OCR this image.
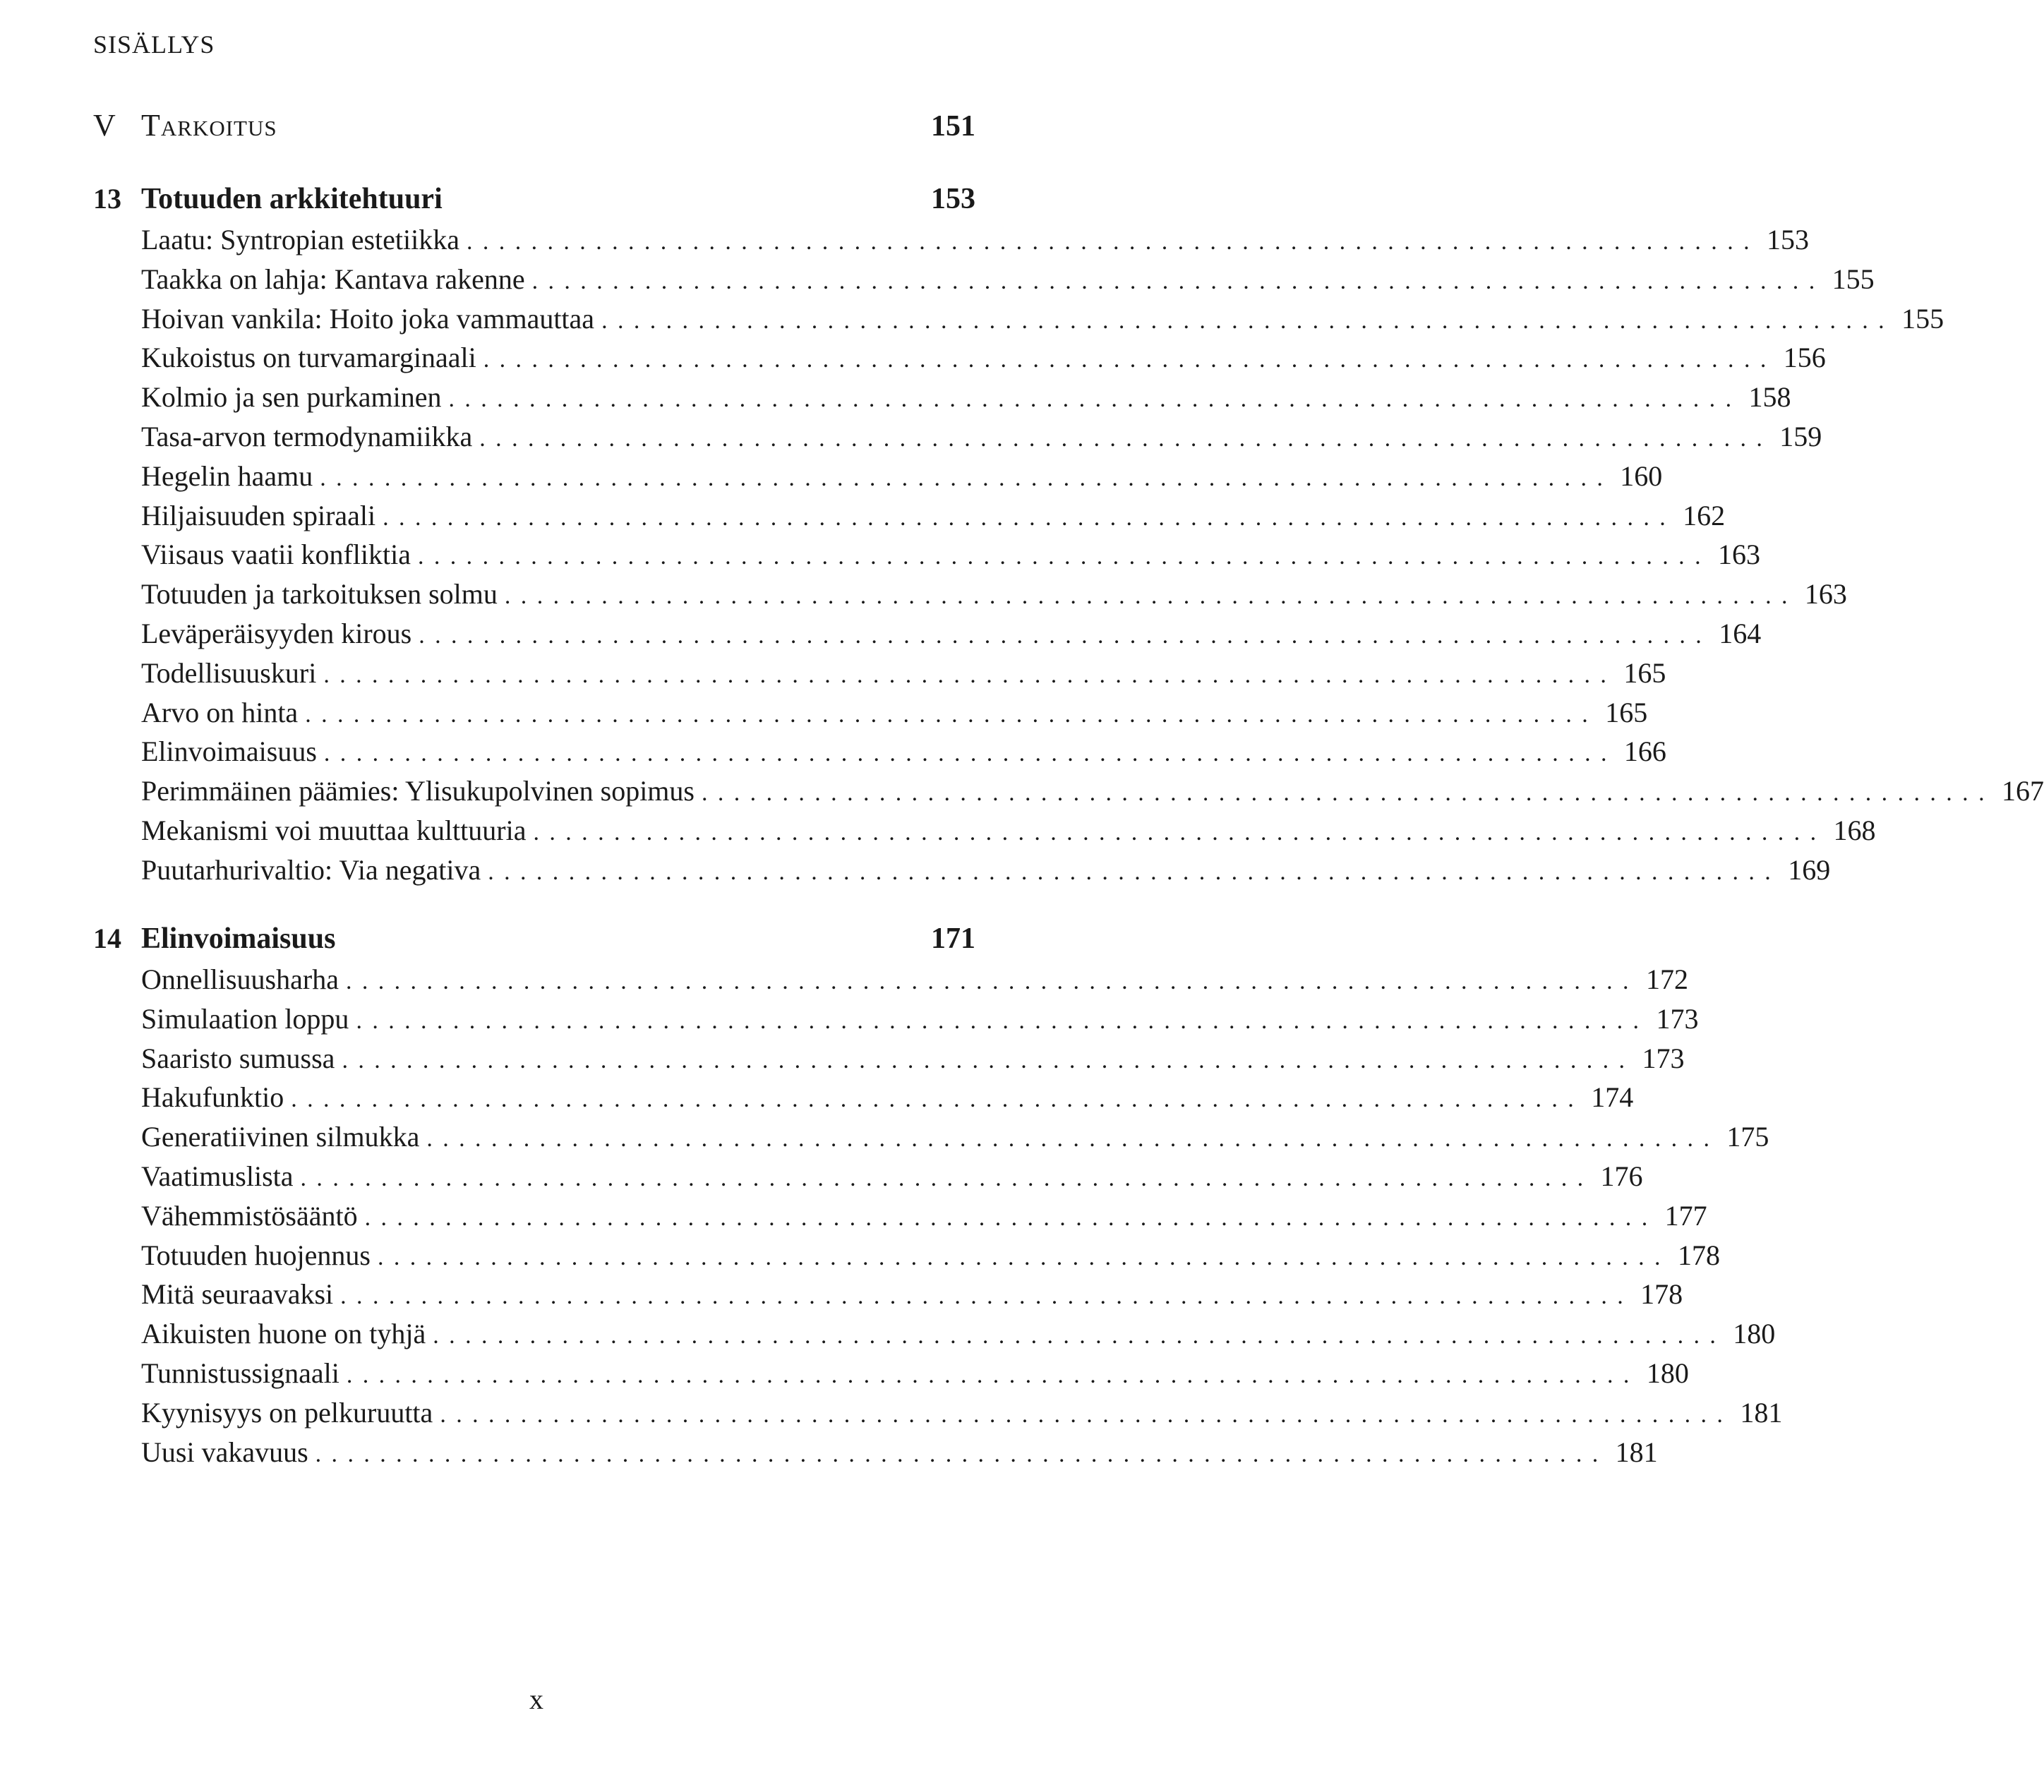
SISÄLLYS
V Tarkoitus	151
13 Totuuden arkkitehtuuri	153
Laatu: Syntropian estetiikka ................................................................................ 153
Taakka on lahja: Kantava rakenne ................................................................................ 155
Hoivan vankila: Hoito joka vammauttaa ................................................................................ 155
Kukoistus on turvamarginaali ................................................................................ 156
Kolmio ja sen purkaminen ................................................................................ 158
Tasa-arvon termodynamiikka ................................................................................ 159
Hegelin haamu ................................................................................ 160
Hiljaisuuden spiraali ................................................................................ 162
Viisaus vaatii konfliktia ................................................................................ 163
Totuuden ja tarkoituksen solmu ................................................................................ 163
Leväperäisyyden kirous ................................................................................ 164
Todellisuuskuri ................................................................................ 165
Arvo on hinta ................................................................................ 165
Elinvoimaisuus ................................................................................ 166
Perimmäinen päämies: Ylisukupolvinen sopimus ................................................................................ 167
Mekanismi voi muuttaa kulttuuria ................................................................................ 168
Puutarhurivaltio: Via negativa ................................................................................ 169
14 Elinvoimaisuus	171
Onnellisuusharha ................................................................................ 172
Simulaation loppu ................................................................................ 173
Saaristo sumussa ................................................................................ 173
Hakufunktio ................................................................................ 174
Generatiivinen silmukka ................................................................................ 175
Vaatimuslista ................................................................................ 176
Vähemmistösääntö ................................................................................ 177
Totuuden huojennus ................................................................................ 178
Mitä seuraavaksi ................................................................................ 178
Aikuisten huone on tyhjä ................................................................................ 180
Tunnistussignaali ................................................................................ 180
Kyynisyys on pelkuruutta ................................................................................ 181
Uusi vakavuus ................................................................................ 181
x
